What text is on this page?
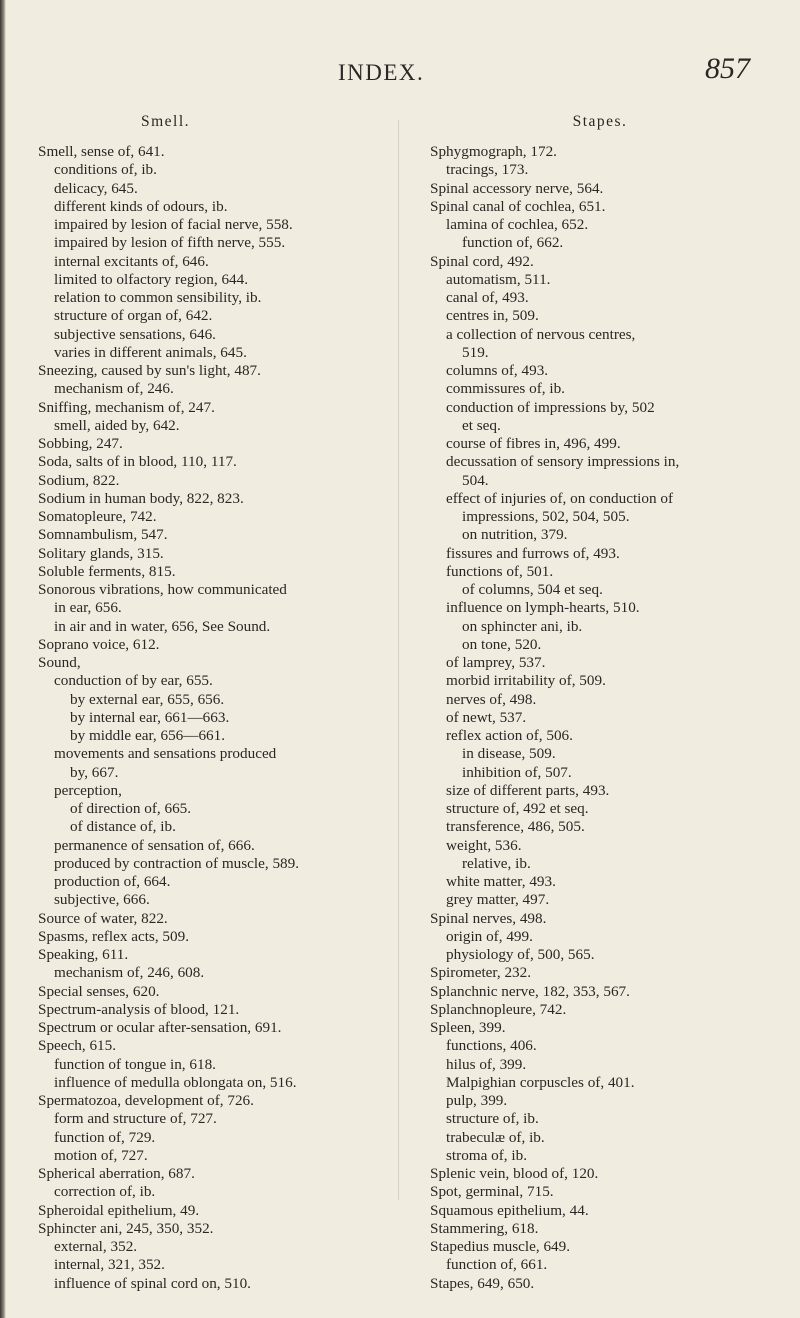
INDEX.	857
Smell.
Smell, sense of, 641.
conditions of, ib.
delicacy, 645.
different kinds of odours, ib.
impaired by lesion of facial nerve, 558.
impaired by lesion of fifth nerve, 555.
internal excitants of, 646.
limited to olfactory region, 644.
relation to common sensibility, ib.
structure of organ of, 642.
subjective sensations, 646.
varies in different animals, 645.
Sneezing, caused by sun's light, 487.
mechanism of, 246.
Sniffing, mechanism of, 247.
smell, aided by, 642.
Sobbing, 247.
Soda, salts of in blood, 110, 117.
Sodium, 822.
Sodium in human body, 822, 823.
Somatopleure, 742.
Somnambulism, 547.
Solitary glands, 315.
Soluble ferments, 815.
Sonorous vibrations, how communicated
in ear, 656.
in air and in water, 656, See Sound.
Soprano voice, 612.
Sound,
conduction of by ear, 655.
by external ear, 655, 656.
by internal ear, 661—663.
by middle ear, 656—661.
movements and sensations produced
by, 667.
perception,
of direction of, 665.
of distance of, ib.
permanence of sensation of, 666.
produced by contraction of muscle, 589.
production of, 664.
subjective, 666.
Source of water, 822.
Spasms, reflex acts, 509.
Speaking, 611.
mechanism of, 246, 608.
Special senses, 620.
Spectrum-analysis of blood, 121.
Spectrum or ocular after-sensation, 691.
Speech, 615.
function of tongue in, 618.
influence of medulla oblongata on, 516.
Spermatozoa, development of, 726.
form and structure of, 727.
function of, 729.
motion of, 727.
Spherical aberration, 687.
correction of, ib.
Spheroidal epithelium, 49.
Sphincter ani, 245, 350, 352.
external, 352.
internal, 321, 352.
influence of spinal cord on, 510.
Stapes.
Sphygmograph, 172.
tracings, 173.
Spinal accessory nerve, 564.
Spinal canal of cochlea, 651.
lamina of cochlea, 652.
function of, 662.
Spinal cord, 492.
automatism, 511.
canal of, 493.
centres in, 509.
a collection of nervous centres,
519.
columns of, 493.
commissures of, ib.
conduction of impressions by, 502
et seq.
course of fibres in, 496, 499.
decussation of sensory impressions in,
504.
effect of injuries of, on conduction of
impressions, 502, 504, 505.
on nutrition, 379.
fissures and furrows of, 493.
functions of, 501.
of columns, 504 et seq.
influence on lymph-hearts, 510.
on sphincter ani, ib.
on tone, 520.
of lamprey, 537.
morbid irritability of, 509.
nerves of, 498.
of newt, 537.
reflex action of, 506.
in disease, 509.
inhibition of, 507.
size of different parts, 493.
structure of, 492 et seq.
transference, 486, 505.
weight, 536.
relative, ib.
white matter, 493.
grey matter, 497.
Spinal nerves, 498.
origin of, 499.
physiology of, 500, 565.
Spirometer, 232.
Splanchnic nerve, 182, 353, 567.
Splanchnopleure, 742.
Spleen, 399.
functions, 406.
hilus of, 399.
Malpighian corpuscles of, 401.
pulp, 399.
structure of, ib.
trabeculæ of, ib.
stroma of, ib.
Splenic vein, blood of, 120.
Spot, germinal, 715.
Squamous epithelium, 44.
Stammering, 618.
Stapedius muscle, 649.
function of, 661.
Stapes, 649, 650.
